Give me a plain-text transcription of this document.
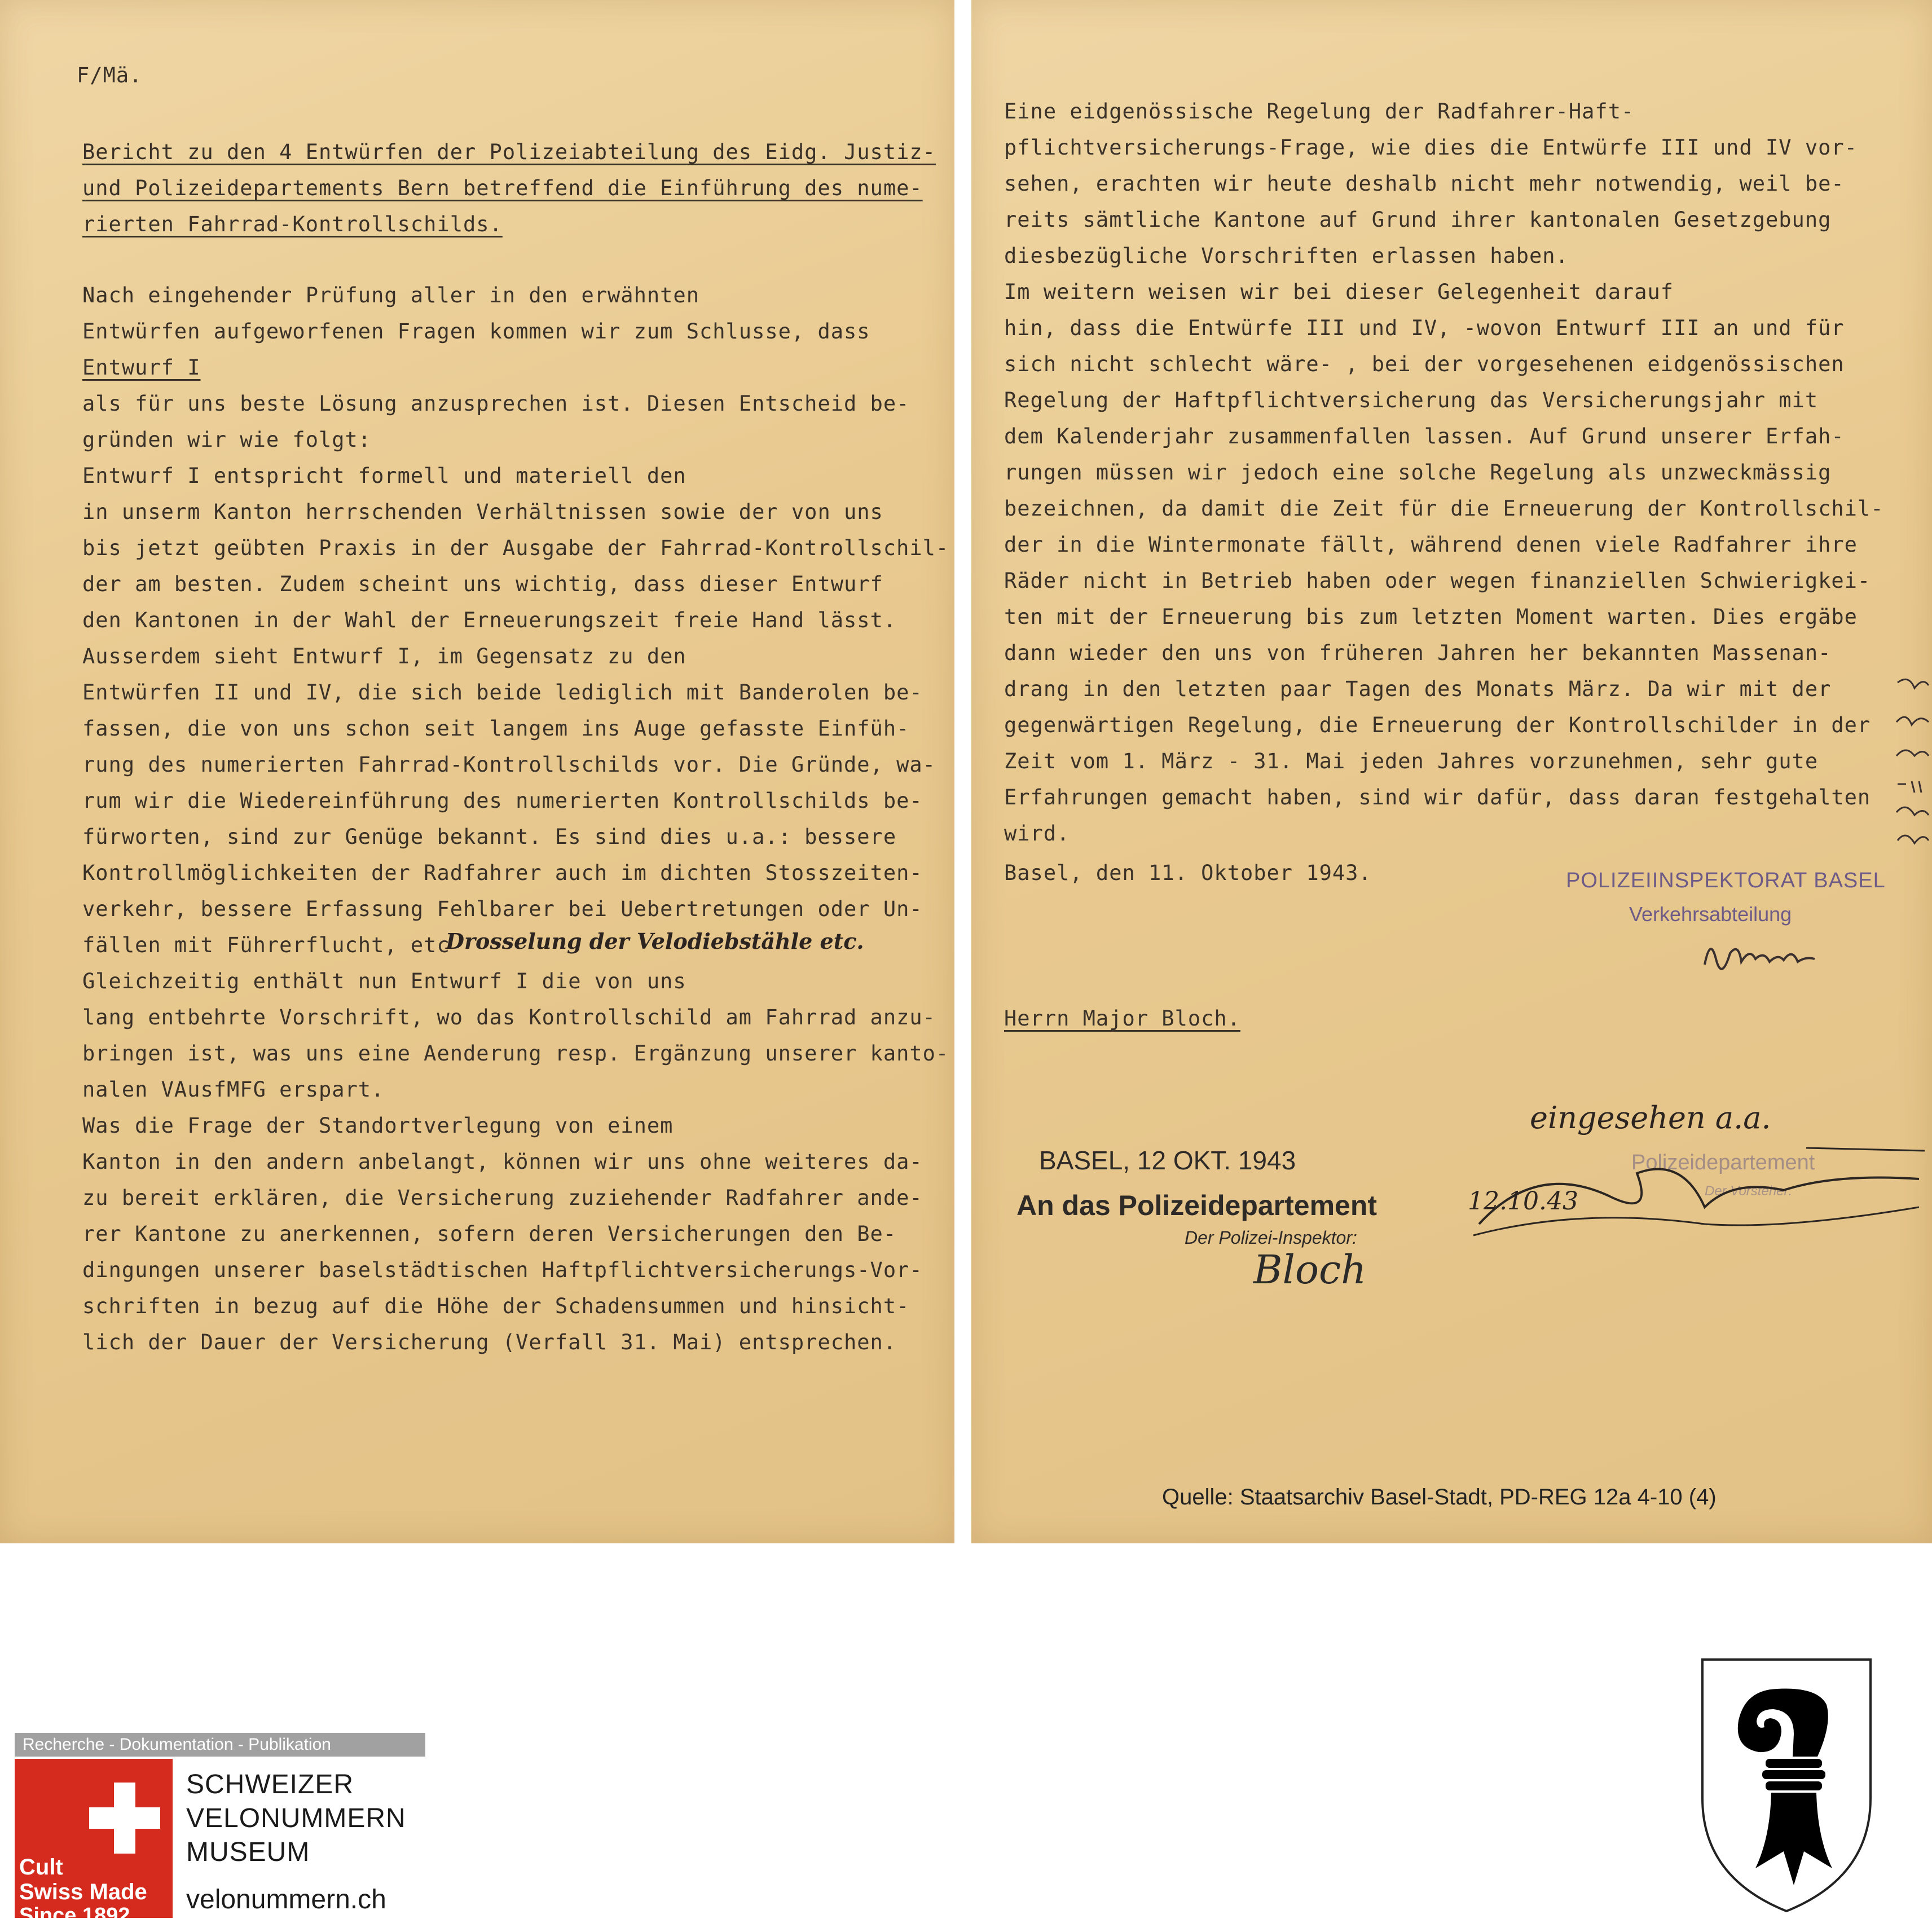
F/Mä.

Bericht zu den 4 Entwürfen der Polizeiabteilung des Eidg. Justiz-

und Polizeidepartements Bern betreffend die Einführung des nume-

rierten Fahrrad-Kontrollschilds.

Nach eingehender Prüfung aller in den erwähnten

Entwürfen aufgeworfenen Fragen kommen wir zum Schlusse, dass

Entwurf I

als für uns beste Lösung anzusprechen ist. Diesen Entscheid be-

gründen wir wie folgt:

Entwurf I entspricht formell und materiell den

in unserm Kanton herrschenden Verhältnissen sowie der von uns

bis jetzt geübten Praxis in der Ausgabe der Fahrrad-Kontrollschil-

der am besten. Zudem scheint uns wichtig, dass dieser Entwurf

den Kantonen in der Wahl der Erneuerungszeit freie Hand lässt.

Ausserdem sieht Entwurf I, im Gegensatz zu den

Entwürfen II und IV, die sich beide lediglich mit Banderolen be-

fassen, die von uns schon seit langem ins Auge gefasste Einfüh-

rung des numerierten Fahrrad-Kontrollschilds vor. Die Gründe, wa-

rum wir die Wiedereinführung des numerierten Kontrollschilds be-

fürworten, sind zur Genüge bekannt. Es sind dies u.a.: bessere

Kontrollmöglichkeiten der Radfahrer auch im dichten Stosszeiten-

verkehr, bessere Erfassung Fehlbarer bei Uebertretungen oder Un-

fällen mit Führerflucht, etc

Gleichzeitig enthält nun Entwurf I die von uns

lang entbehrte Vorschrift, wo das Kontrollschild am Fahrrad anzu-

bringen ist, was uns eine Aenderung resp. Ergänzung unserer kanto-

nalen VAusfMFG erspart.

Was die Frage der Standortverlegung von einem

Kanton in den andern anbelangt, können wir uns ohne weiteres da-

zu bereit erklären, die Versicherung zuziehender Radfahrer ande-

rer Kantone zu anerkennen, sofern deren Versicherungen den Be-

dingungen unserer baselstädtischen Haftpflichtversicherungs-Vor-

schriften in bezug auf die Höhe der Schadensummen und hinsicht-

lich der Dauer der Versicherung (Verfall 31. Mai) entsprechen.

Drosselung der Velodiebstähle etc.

Eine eidgenössische Regelung der Radfahrer-Haft-

pflichtversicherungs-Frage, wie dies die Entwürfe III und IV vor-

sehen, erachten wir heute deshalb nicht mehr notwendig, weil be-

reits sämtliche Kantone auf Grund ihrer kantonalen Gesetzgebung

diesbezügliche Vorschriften erlassen haben.

Im weitern weisen wir bei dieser Gelegenheit darauf

hin, dass die Entwürfe III und IV, -wovon Entwurf III an und für

sich nicht schlecht wäre- , bei der vorgesehenen eidgenössischen

Regelung der Haftpflichtversicherung das Versicherungsjahr mit

dem Kalenderjahr zusammenfallen lassen. Auf Grund unserer Erfah-

rungen müssen wir jedoch eine solche Regelung als unzweckmässig

bezeichnen, da damit die Zeit für die Erneuerung der Kontrollschil-

der in die Wintermonate fällt, während denen viele Radfahrer ihre

Räder nicht in Betrieb haben oder wegen finanziellen Schwierigkei-

ten mit der Erneuerung bis zum letzten Moment warten. Dies ergäbe

dann wieder den uns von früheren Jahren her bekannten Massenan-

drang in den letzten paar Tagen des Monats März. Da wir mit der

gegenwärtigen Regelung, die Erneuerung der Kontrollschilder in der

Zeit vom 1. März - 31. Mai jeden Jahres vorzunehmen, sehr gute

Erfahrungen gemacht haben, sind wir dafür, dass daran festgehalten

wird.

Basel, den 11. Oktober 1943.	POLIZEIINSPEKTORAT BASEL
Verkehrsabteilung

Herrn Major Bloch.

BASEL, 12 OKT. 1943
An das Polizeidepartement
Der Polizei-Inspektor:
Bloch
eingesehen a.a.
12.10.43
Polizeidepartement
Der Vorsteher:
Quelle: Staatsarchiv Basel-Stadt, PD-REG 12a 4-10 (4)
Recherche - Dokumentation - Publikation
Cult
Swiss Made
Since 1892
SCHWEIZER
VELONUMMERN
MUSEUM
velonummern.ch
